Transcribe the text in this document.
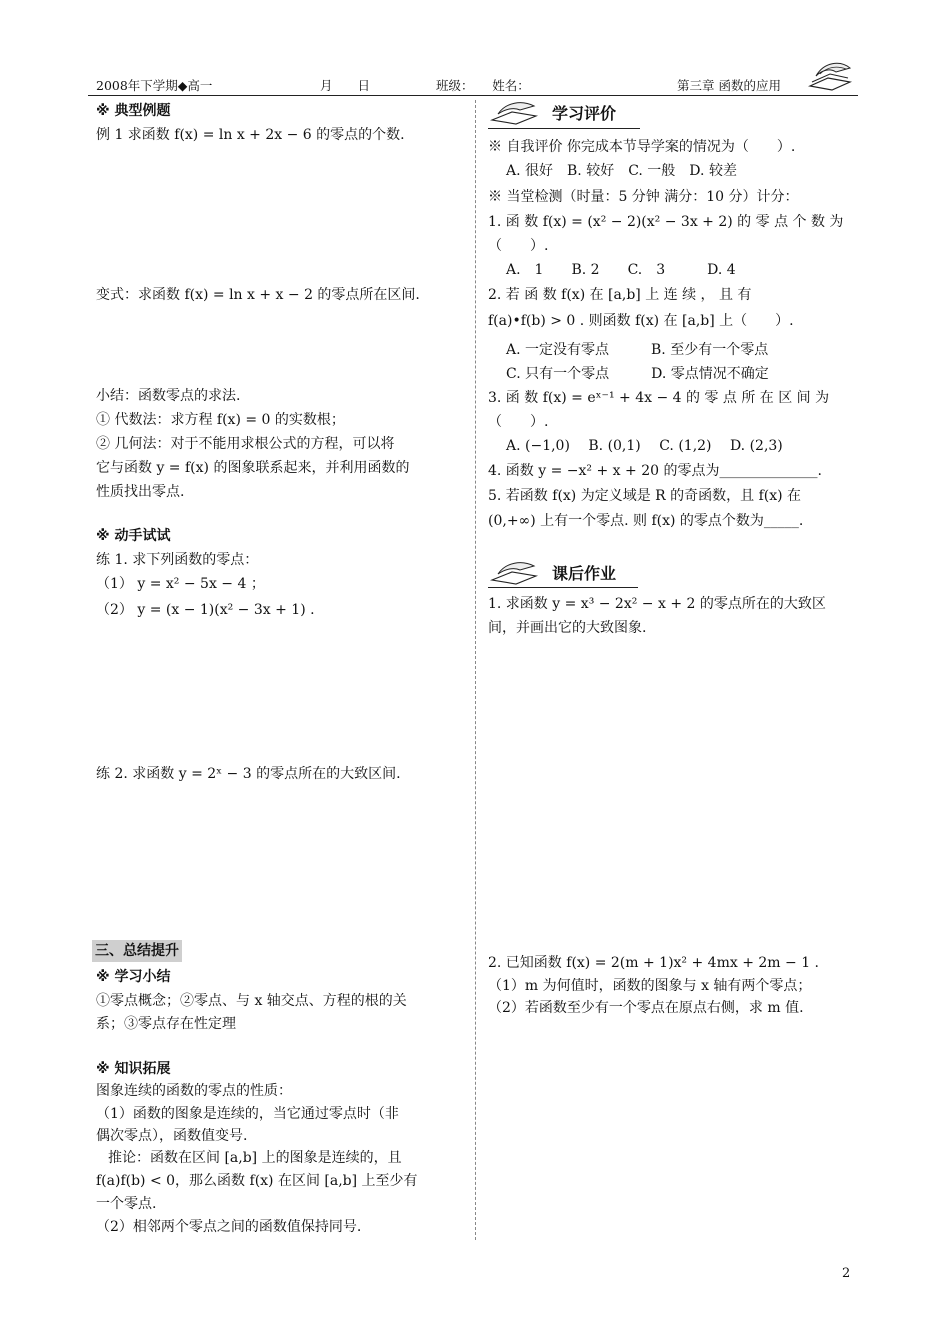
2008年下学期◆高一	月　　日	班级：　　姓名：	第三章 函数的应用
※ 典型例题
例 1 求函数 f(x) = ln x + 2x − 6 的零点的个数.
变式：求函数 f(x) = ln x + x − 2 的零点所在区间.
小结：函数零点的求法.
① 代数法：求方程 f(x) = 0 的实数根；
② 几何法：对于不能用求根公式的方程，可以将
它与函数 y = f(x) 的图象联系起来，并利用函数的
性质找出零点.
※ 动手试试
练 1. 求下列函数的零点：
（1） y = x² − 5x − 4 ；
（2） y = (x − 1)(x² − 3x + 1) .
练 2. 求函数 y = 2ˣ − 3 的零点所在的大致区间.
三、总结提升
※ 学习小结
①零点概念；②零点、与 x 轴交点、方程的根的关
系；③零点存在性定理
※ 知识拓展
图象连续的函数的零点的性质：
（1）函数的图象是连续的，当它通过零点时（非
偶次零点），函数值变号.
推论：函数在区间 [a,b] 上的图象是连续的，且
f(a)f(b) < 0，那么函数 f(x) 在区间 [a,b] 上至少有
一个零点.
（2）相邻两个零点之间的函数值保持同号.
学习评价
※ 自我评价 你完成本节导学案的情况为（　　）.
A. 很好　B. 较好　C. 一般　D. 较差
※ 当堂检测（时量：5 分钟 满分：10 分）计分：
1. 函 数 f(x) = (x² − 2)(x² − 3x + 2) 的 零 点 个 数 为
（　　）.
A.　1　　B. 2　　C.　3　　　D. 4
2. 若 函 数 f(x) 在 [a,b] 上 连 续 ， 且 有
f(a)•f(b) > 0 . 则函数 f(x) 在 [a,b] 上（　　）.
A. 一定没有零点　　　B. 至少有一个零点
C. 只有一个零点　　　D. 零点情况不确定
3. 函 数 f(x) = eˣ⁻¹ + 4x − 4 的 零 点 所 在 区 间 为
（　　）.
A. (−1,0)　 B. (0,1)　 C. (1,2)　 D. (2,3)
4. 函数 y = −x² + x + 20 的零点为______________.
5. 若函数 f(x) 为定义域是 R 的奇函数，且 f(x) 在
(0,+∞) 上有一个零点. 则 f(x) 的零点个数为_____.
课后作业
1. 求函数 y = x³ − 2x² − x + 2 的零点所在的大致区
间，并画出它的大致图象.
2. 已知函数 f(x) = 2(m + 1)x² + 4mx + 2m − 1 .
（1）m 为何值时，函数的图象与 x 轴有两个零点；
（2）若函数至少有一个零点在原点右侧，求 m 值.
2
